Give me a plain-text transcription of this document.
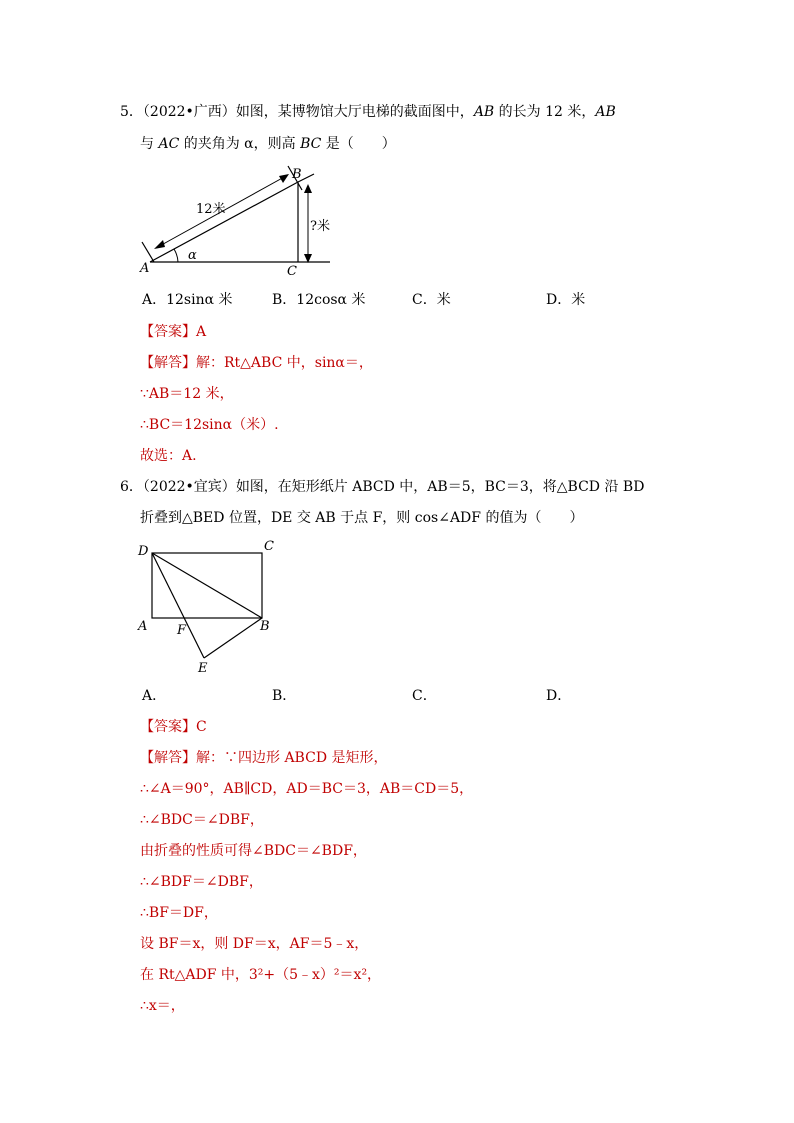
5．（2022•广西）如图，某博物馆大厅电梯的截面图中，AB 的长为 12 米，AB
与 AC 的夹角为 α，则高 BC 是（　　）
12米
?米
α
A
B
C
A．12sinα 米	B．12cosα 米	C．米	D．米
【答案】A
【解答】解：Rt△ABC 中，sinα＝，
∵AB＝12 米，
∴BC＝12sinα（米）.
故选：A.
6．（2022•宜宾）如图，在矩形纸片 ABCD 中，AB＝5，BC＝3，将△BCD 沿 BD
折叠到△BED 位置，DE 交 AB 于点 F，则 cos∠ADF 的值为（　　）
D	C
A F	B
E
A．	B．	C．	D．
【答案】C
【解答】解：∵四边形 ABCD 是矩形，
∴∠A＝90°，AB∥CD，AD＝BC＝3，AB＝CD＝5，
∴∠BDC＝∠DBF，
由折叠的性质可得∠BDC＝∠BDF，
∴∠BDF＝∠DBF，
∴BF＝DF，
设 BF＝x，则 DF＝x，AF＝5﹣x，
在 Rt△ADF 中，3²+（5﹣x）²＝x²，
∴x＝，
